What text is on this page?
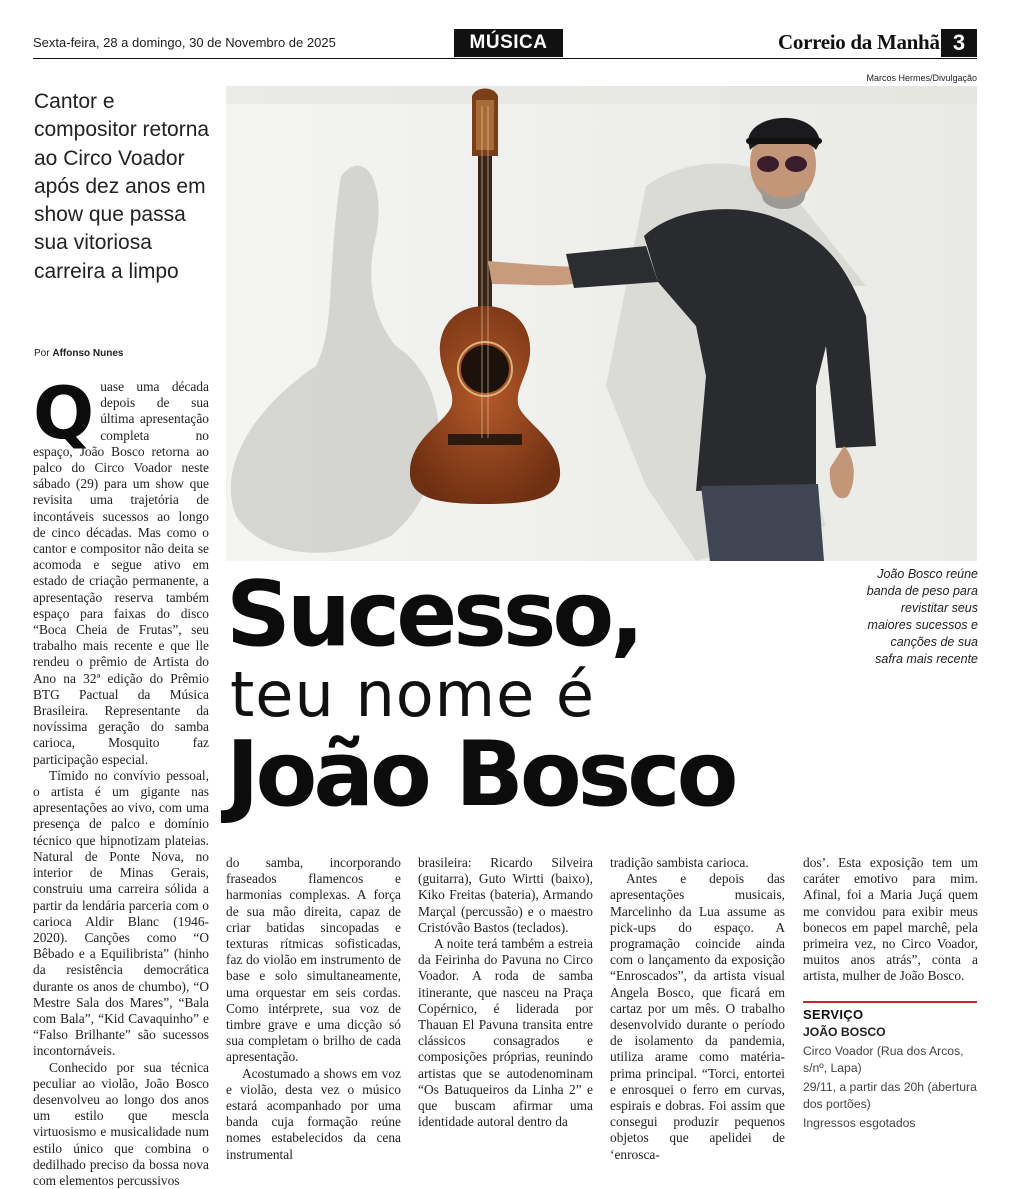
Sexta-feira, 28 a domingo, 30 de Novembro de 2025	MÚSICA	Correio da Manhã 3
Cantor e compositor retorna ao Circo Voador após dez anos em show que passa sua vitoriosa carreira a limpo
Por Affonso Nunes
Marcos Hermes/Divulgação
João Bosco reúne banda de peso para revistitar seus maiores sucessos e canções de sua safra mais recente
Sucesso,
teu nome é
João Bosco

Quase uma década depois de sua última apresentação completa no espaço, João Bosco retorna ao palco do Circo Voador neste sábado (29) para um show que revisita uma trajetória de incontáveis sucessos ao longo de cinco décadas. Mas como o cantor e compositor não deita se acomoda e segue ativo em estado de criação permanente, a apresentação reserva também espaço para faixas do disco “Boca Cheia de Frutas”, seu trabalho mais recente e que lle rendeu o prêmio de Artista do Ano na 32ª edição do Prêmio BTG Pactual da Música Brasileira. Representante da novíssima geração do samba carioca, Mosquito faz participação especial.

Tímido no convívio pessoal, o artista é um gigante nas apresentações ao vivo, com uma presença de palco e domínio técnico que hipnotizam plateias. Natural de Ponte Nova, no interior de Minas Gerais, construiu uma carreira sólida a partir da lendária parceria com o carioca Aldir Blanc (1946-2020). Canções como “O Bêbado e a Equilibrista” (hinho da resistência democrática durante os anos de chumbo), “O Mestre Sala dos Mares”, “Bala com Bala”, “Kid Cavaquinho” e “Falso Brilhante” são sucessos incontornáveis.

Conhecido por sua técnica peculiar ao violão, João Bosco desenvolveu ao longo dos anos um estilo que mescla virtuosismo e musicalidade num estilo único que combina o dedilhado preciso da bossa nova com elementos percussivos

do samba, incorporando fraseados flamencos e harmonias complexas. A força de sua mão direita, capaz de criar batidas sincopadas e texturas rítmicas sofisticadas, faz do violão em instrumento de base e solo simultaneamente, uma orquestar em seis cordas. Como intérprete, sua voz de timbre grave e uma dicção só sua completam o brilho de cada apresentação.

Acostumado a shows em voz e violão, desta vez o músico estará acompanhado por uma banda cuja formação reúne nomes estabelecidos da cena instrumental

brasileira: Ricardo Silveira (guitarra), Guto Wirtti (baixo), Kiko Freitas (bateria), Armando Marçal (percussão) e o maestro Cristóvão Bastos (teclados).

A noite terá também a estreia da Feirinha do Pavuna no Circo Voador. A roda de samba itinerante, que nasceu na Praça Copérnico, é liderada por Thauan El Pavuna transita entre clássicos consagrados e composições próprias, reunindo artistas que se autodenominam “Os Batuqueiros da Linha 2” e que buscam afirmar uma identidade autoral dentro da

tradição sambista carioca.

Antes e depois das apresentações musicais, Marcelinho da Lua assume as pick-ups do espaço. A programação coincide ainda com o lançamento da exposição “Enroscados”, da artista visual Angela Bosco, que ficará em cartaz por um mês. O trabalho desenvolvido durante o período de isolamento da pandemia, utiliza arame como matéria-prima principal. “Torci, entortei e enrosquei o ferro em curvas, espirais e dobras. Foi assim que consegui produzir pequenos objetos que apelidei de ‘enrosca-

dos’. Esta exposição tem um caráter emotivo para mim. Afinal, foi a Maria Juçá quem me convidou para exibir meus bonecos em papel marchê, pela primeira vez, no Circo Voador, muitos anos atrás”, conta a artista, mulher de João Bosco.

SERVIÇO
JOÃO BOSCO

Circo Voador (Rua dos Arcos, s/nº, Lapa)

29/11, a partir das 20h (abertura dos portões)

Ingressos esgotados
